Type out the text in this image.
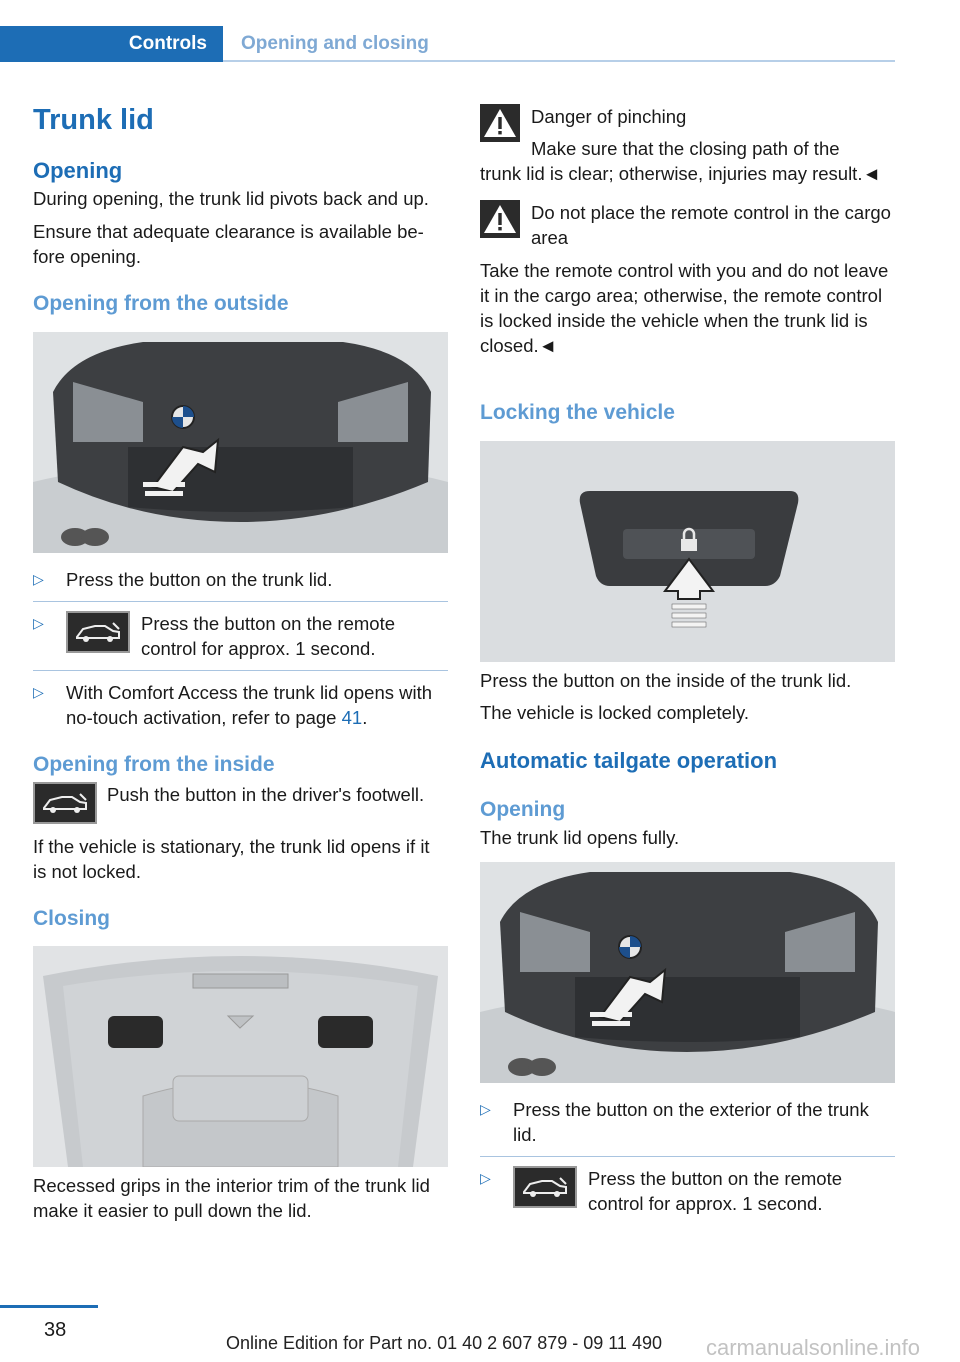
Controls	Opening and closing
Trunk lid
Opening

During opening, the trunk lid pivots back and up.

Ensure that adequate clearance is available be‐fore opening.

Opening from the outside
▷ Press the button on the trunk lid.
▷	Press the button on the remote control for approx. 1 second.
▷ With Comfort Access the trunk lid opens with no-touch activation, refer to page 41.
Opening from the inside
Push the button in the driver's footwell.

If the vehicle is stationary, the trunk lid opens if it is not locked.

Closing

Recessed grips in the interior trim of the trunk lid make it easier to pull down the lid.

Danger of pinching

Make sure that the closing path of the

trunk lid is clear; otherwise, injuries may result.◄

Do not place the remote control in the cargo area

Take the remote control with you and do not leave it in the cargo area; otherwise, the remote control is locked inside the vehicle when the trunk lid is closed.◄

Locking the vehicle

Press the button on the inside of the trunk lid.

The vehicle is locked completely.

Automatic tailgate operation
Opening

The trunk lid opens fully.

▷ Press the button on the exterior of the trunk lid.
▷	Press the button on the remote control for approx. 1 second.
38
Online Edition for Part no. 01 40 2 607 879 - 09 11 490 carmanualsonline.info
